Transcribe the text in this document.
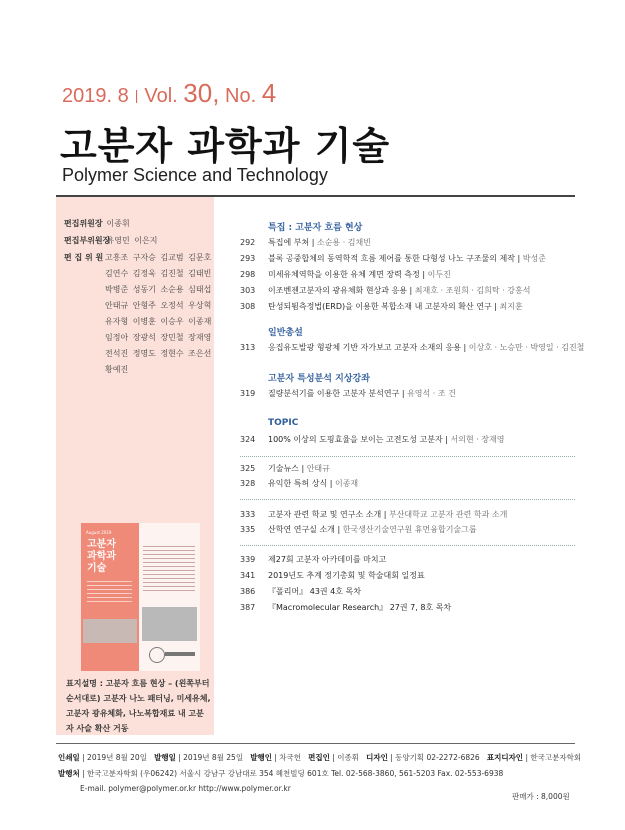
2019. 8 | Vol. 30, No. 4
고분자 과학과 기술
Polymer Science and Technology
편집위원장 이종휘
편집부위원장 유영민 이은지
편 집 위 원 고흥조 구자승 김교범 김문호
김연수 김정욱 김진철 김태빈
박병준 성동기 소순용 심태섭
안태규 안형주 오정석 우상혁
유자형 이병훈 이승우 이종재
임정아 장광석 장민철 장재영
전석진 정명도 정현수 조은선
황예진
August 2019
고분자
과학과
기술
표지설명 : 고분자 흐름 현상 – (왼쪽부터 순서대로) 고분자 나노 패터닝, 미세유체, 고분자 광유체화, 나노복합재료 내 고분자 사슬 확산 거동
특집 : 고분자 흐름 현상
292 특집에 부쳐 | 소순용 · 김채빈
293 블록 공중합체의 동역학적 흐름 제어를 통한 다형성 나노 구조물의 제작 | 박성준
298 미세유체역학을 이용한 유체 계면 장력 측정 | 이두진
303 이조벤젠고분자의 광유체화 현상과 응용 | 최재호 · 조원희 · 김희탁 · 강홍석
308 탄성되튐측정법(ERD)을 이용한 복합소재 내 고분자의 확산 연구 | 최지훈
일반총설
313 응집유도발광 형광체 기반 자가보고 고분자 소재의 응용 | 이상호 · 노승만 · 박영일 · 김진철
고분자 특성분석 지상강좌
319 질량분석기를 이용한 고분자 분석연구 | 유영석 · 조 건
TOPIC
324 100% 이상의 도핑효율을 보이는 고전도성 고분자 | 서의현 · 장재영
325 기술뉴스 | 안태규
328 유익한 특허 상식 | 이종재
333 고분자 관련 학교 및 연구소 소개 | 부산대학교 고분자 관련 학과 소개
335 산학연 연구실 소개 | 한국생산기술연구원 휴먼융합기술그룹
339 제27회 고분자 아카데미를 마치고
341 2019년도 추계 정기총회 및 학술대회 일정표
386 『폴리머』 43권 4호 목차
387 『Macromolecular Research』 27권 7, 8호 목차
인쇄일 | 2019년 8월 20일 발행일 | 2019년 8월 25일 발행인 | 차국헌 편집인 | 이종휘 디자인 | 동양기획 02-2272-6826 표지디자인 | 한국고분자학회
발행처 | 한국고분자학회 (우06242) 서울시 강남구 강남대로 354 혜천빌딩 601호 Tel. 02-568-3860, 561-5203 Fax. 02-553-6938
E-mail. polymer@polymer.or.kr http://www.polymer.or.kr
판매가 : 8,000원
